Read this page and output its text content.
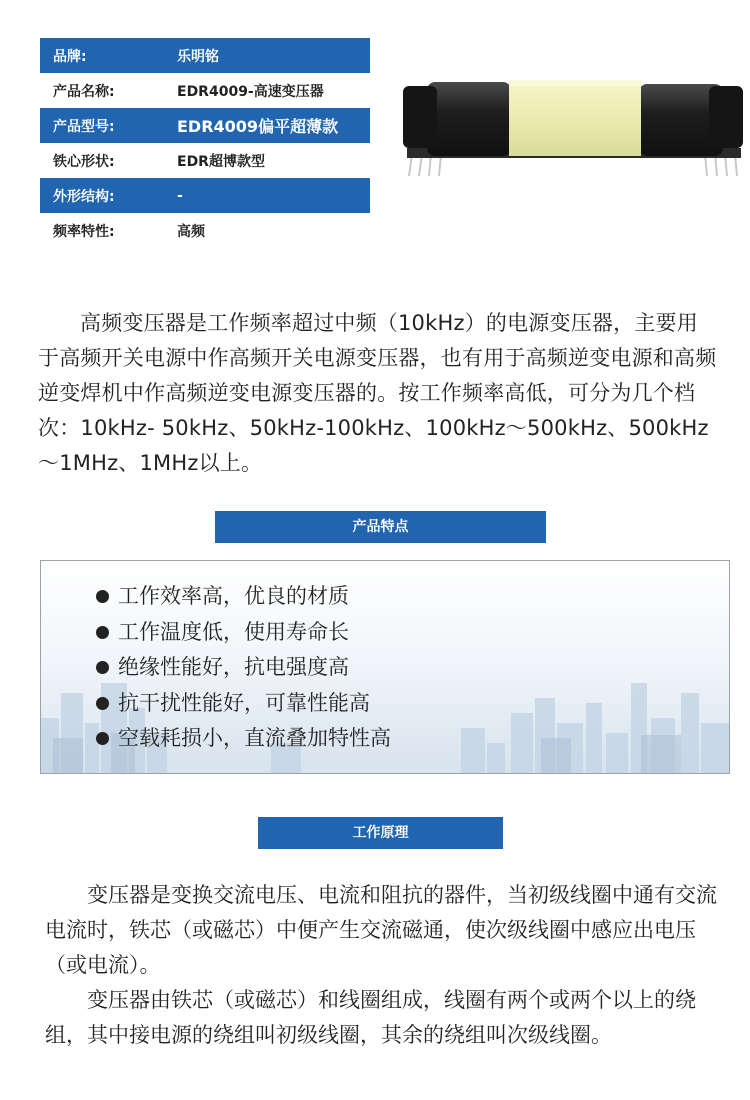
品牌:	乐明铭
产品名称:	EDR4009-高速变压器
产品型号:	EDR4009偏平超薄款
铁心形状:	EDR超博款型
外形结构:	-
频率特性:	高频
高频变压器是工作频率超过中频（10kHz）的电源变压器，主要用于高频开关电源中作高频开关电源变压器，也有用于高频逆变电源和高频逆变焊机中作高频逆变电源变压器的。按工作频率高低，可分为几个档次：10kHz- 50kHz、50kHz-100kHz、100kHz～500kHz、500kHz～1MHz、1MHz以上。
产品特点
工作效率高，优良的材质
工作温度低，使用寿命长
绝缘性能好，抗电强度高
抗干扰性能好，可靠性能高
空载耗损小，直流叠加特性高
工作原理

变压器是变换交流电压、电流和阻抗的器件，当初级线圈中通有交流电流时，铁芯（或磁芯）中便产生交流磁通，使次级线圈中感应出电压（或电流）。

变压器由铁芯（或磁芯）和线圈组成，线圈有两个或两个以上的绕组，其中接电源的绕组叫初级线圈，其余的绕组叫次级线圈。
